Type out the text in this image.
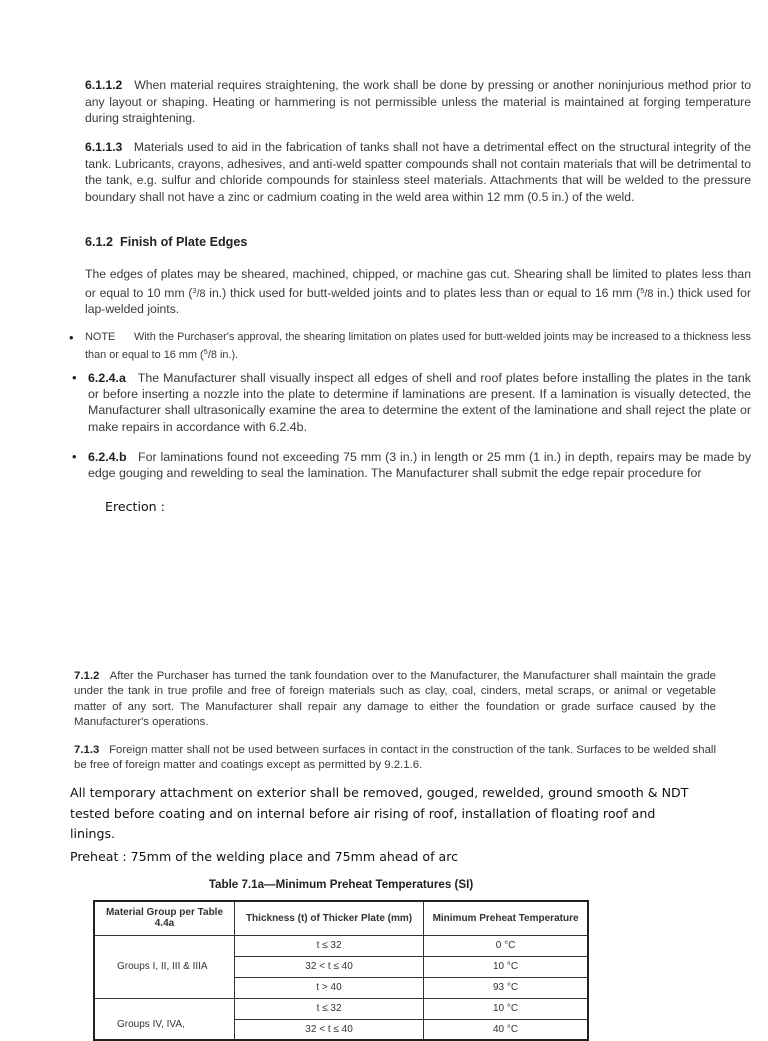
6.1.1.2 When material requires straightening, the work shall be done by pressing or another noninjurious method prior to any layout or shaping. Heating or hammering is not permissible unless the material is maintained at forging temperature during straightening.
6.1.1.3 Materials used to aid in the fabrication of tanks shall not have a detrimental effect on the structural integrity of the tank. Lubricants, crayons, adhesives, and anti-weld spatter compounds shall not contain materials that will be detrimental to the tank, e.g. sulfur and chloride compounds for stainless steel materials. Attachments that will be welded to the pressure boundary shall not have a zinc or cadmium coating in the weld area within 12 mm (0.5 in.) of the weld.
6.1.2  Finish of Plate Edges
The edges of plates may be sheared, machined, chipped, or machine gas cut. Shearing shall be limited to plates less than or equal to 10 mm ($^3$/8 in.) thick used for butt-welded joints and to plates less than or equal to 16 mm ($^5$/8 in.) thick used for lap-welded joints.
• NOTE With the Purchaser's approval, the shearing limitation on plates used for butt-welded joints may be increased to a thickness less than or equal to 16 mm ($^5$/8 in.).
• 6.2.4.a The Manufacturer shall visually inspect all edges of shell and roof plates before installing the plates in the tank or before inserting a nozzle into the plate to determine if laminations are present. If a lamination is visually detected, the Manufacturer shall ultrasonically examine the area to determine the extent of the laminatione and shall reject the plate or make repairs in accordance with 6.2.4b.
• 6.2.4.b For laminations found not exceeding 75 mm (3 in.) in length or 25 mm (1 in.) in depth, repairs may be made by edge gouging and rewelding to seal the lamination. The Manufacturer shall submit the edge repair procedure for
Erection :
7.1.2 After the Purchaser has turned the tank foundation over to the Manufacturer, the Manufacturer shall maintain the grade under the tank in true profile and free of foreign materials such as clay, coal, cinders, metal scraps, or animal or vegetable matter of any sort. The Manufacturer shall repair any damage to either the foundation or grade surface caused by the Manufacturer's operations.
7.1.3 Foreign matter shall not be used between surfaces in contact in the construction of the tank. Surfaces to be welded shall be free of foreign matter and coatings except as permitted by 9.2.1.6.
All temporary attachment on exterior shall be removed, gouged, rewelded, ground smooth & NDT tested before coating and on internal before air rising of roof, installation of floating roof and linings.
Preheat : 75mm of the welding place and 75mm ahead of arc
Table 7.1a—Minimum Preheat Temperatures (SI)
Material Group per Table 4.4a	Thickness (t) of Thicker Plate (mm)	Minimum Preheat Temperature
Groups I, II, III & IIIA	t ≤ 32	0 °C
	32 < t ≤ 40	10 °C
	t > 40	93 °C
Groups IV, IVA,	t ≤ 32	10 °C
	32 < t ≤ 40	40 °C
